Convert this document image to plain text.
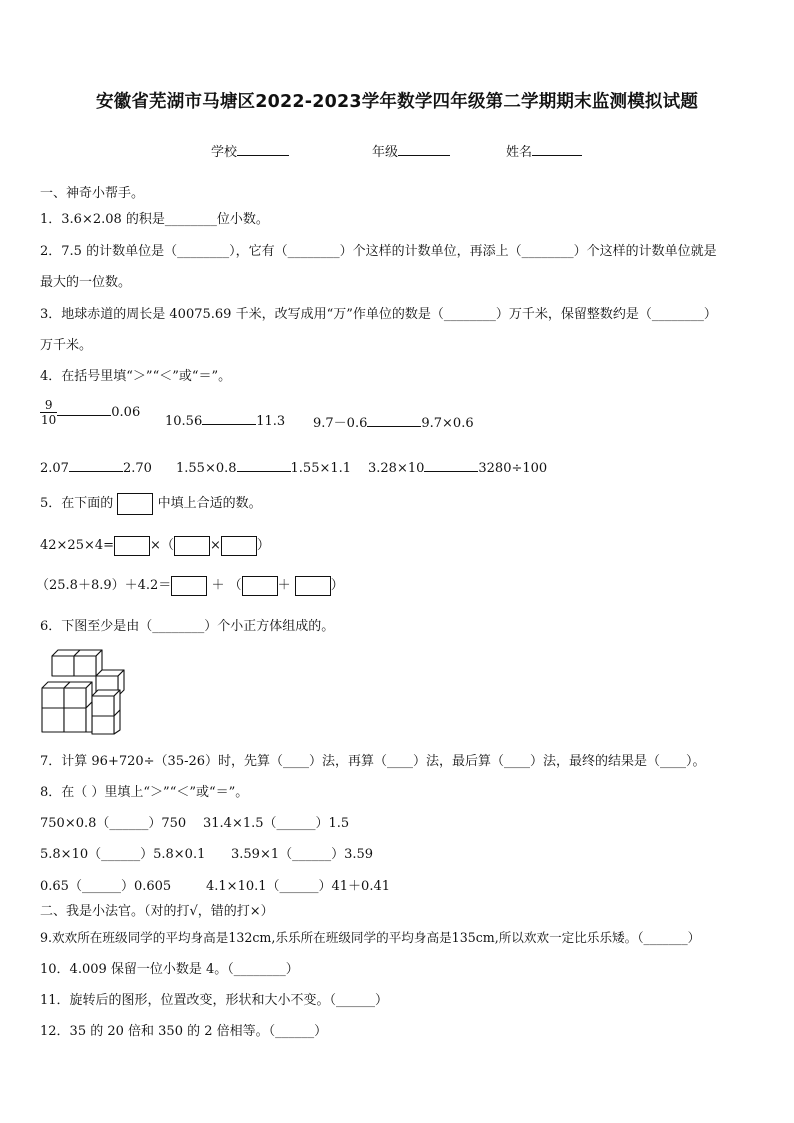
安徽省芜湖市马塘区2022-2023学年数学四年级第二学期期末监测模拟试题
学校	年级	姓名
一、神奇小帮手。
1．3.6×2.08 的积是________位小数。
2．7.5 的计数单位是（________），它有（________）个这样的计数单位，再添上（________）个这样的计数单位就是
最大的一位数。
3．地球赤道的周长是 40075.69 千米，改写成用“万”作单位的数是（________）万千米，保留整数约是（________）
万千米。
4．在括号里填“＞”“＜”或“＝”。
$\frac{9}{10}$	0.06
10.56	11.3 9.7－0.6	9.7×0.6
2.07	2.70 1.55×0.8	1.55×1.1 3.28×10	3280÷100
5．在下面的	中填上合适的数。
42×25×4=	×（	×	）
（25.8＋8.9）＋4.2＝	＋ （	＋	）
6．下图至少是由（________）个小正方体组成的。
7．计算 96+720÷（35-26）时，先算（____）法，再算（____）法，最后算（____）法，最终的结果是（____）。
8．在（ ）里填上“＞”“＜”或“＝”。
750×0.8（______）750 31.4×1.5（______）1.5
5.8×10（______）5.8×0.1 3.59×1（______）3.59
0.65（______）0.605	4.1×10.1（______）41＋0.41
二、我是小法官。（对的打√，错的打×）
9.欢欢所在班级同学的平均身高是132cm,乐乐所在班级同学的平均身高是135cm,所以欢欢一定比乐乐矮。（_______）
10．4.009 保留一位小数是 4。（________）
11．旋转后的图形，位置改变，形状和大小不变。（______）
12．35 的 20 倍和 350 的 2 倍相等。（______）
